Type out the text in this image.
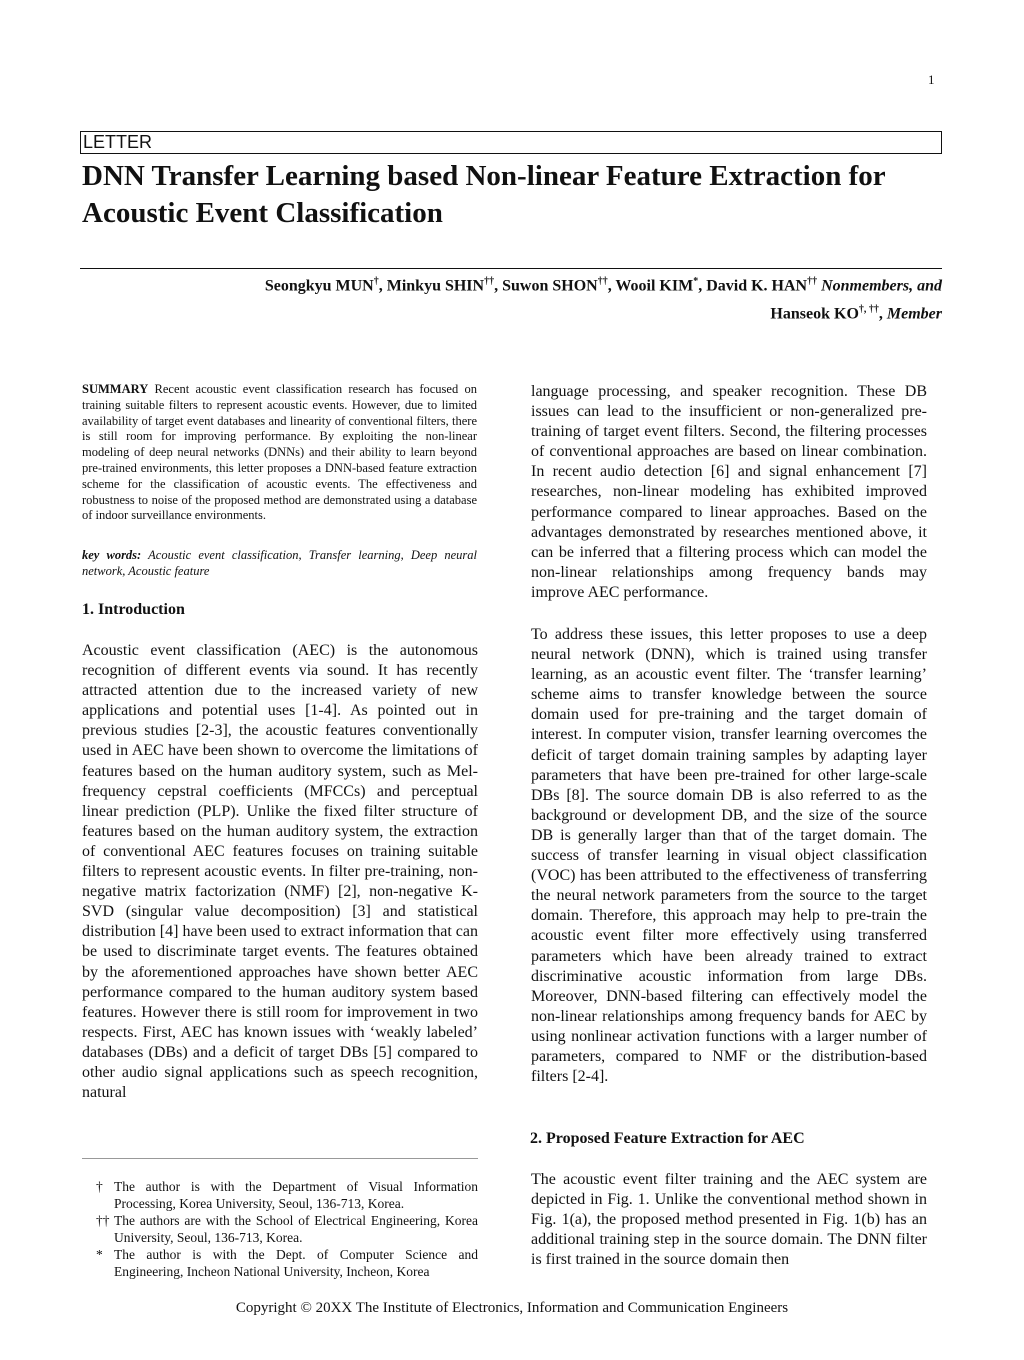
1
LETTER
DNN Transfer Learning based Non-linear Feature Extraction for
Acoustic Event Classification
Seongkyu MUN†, Minkyu SHIN††, Suwon SHON††, Wooil KIM*, David K. HAN†† Nonmembers, and
Hanseok KO†, ††, Member

SUMMARY Recent acoustic event classification research has focused on training suitable filters to represent acoustic events. However, due to limited availability of target event databases and linearity of conventional filters, there is still room for improving performance. By exploiting the non-linear modeling of deep neural networks (DNNs) and their ability to learn beyond pre-trained environments, this letter proposes a DNN-based feature extraction scheme for the classification of acoustic events. The effectiveness and robustness to noise of the proposed method are demonstrated using a database of indoor surveillance environments.

key words: Acoustic event classification, Transfer learning, Deep neural network, Acoustic feature

1. Introduction

Acoustic event classification (AEC) is the autonomous recognition of different events via sound. It has recently attracted attention due to the increased variety of new applications and potential uses [1-4]. As pointed out in previous studies [2-3], the acoustic features conventionally used in AEC have been shown to overcome the limitations of features based on the human auditory system, such as Mel-frequency cepstral coefficients (MFCCs) and perceptual linear prediction (PLP). Unlike the fixed filter structure of features based on the human auditory system, the extraction of conventional AEC features focuses on training suitable filters to represent acoustic events. In filter pre-training, non-negative matrix factorization (NMF) [2], non-negative K-SVD (singular value decomposition) [3] and statistical distribution [4] have been used to extract information that can be used to discriminate target events. The features obtained by the aforementioned approaches have shown better AEC performance compared to the human auditory system based features. However there is still room for improvement in two respects. First, AEC has known issues with ‘weakly labeled’ databases (DBs) and a deficit of target DBs [5] compared to other audio signal applications such as speech recognition, natural

† The author is with the Department of Visual Information Processing, Korea University, Seoul, 136-713, Korea.
†† The authors are with the School of Electrical Engineering, Korea University, Seoul, 136-713, Korea.
* The author is with the Dept. of Computer Science and Engineering, Incheon National University, Incheon, Korea

language processing, and speaker recognition. These DB issues can lead to the insufficient or non-generalized pre-training of target event filters. Second, the filtering processes of conventional approaches are based on linear combination. In recent audio detection [6] and signal enhancement [7] researches, non-linear modeling has exhibited improved performance compared to linear approaches. Based on the advantages demonstrated by researches mentioned above, it can be inferred that a filtering process which can model the non-linear relationships among frequency bands may improve AEC performance.

To address these issues, this letter proposes to use a deep neural network (DNN), which is trained using transfer learning, as an acoustic event filter. The ‘transfer learning’ scheme aims to transfer knowledge between the source domain used for pre-training and the target domain of interest. In computer vision, transfer learning overcomes the deficit of target domain training samples by adapting layer parameters that have been pre-trained for other large-scale DBs [8]. The source domain DB is also referred to as the background or development DB, and the size of the source DB is generally larger than that of the target domain. The success of transfer learning in visual object classification (VOC) has been attributed to the effectiveness of transferring the neural network parameters from the source to the target domain. Therefore, this approach may help to pre-train the acoustic event filter more effectively using transferred parameters which have been already trained to extract discriminative acoustic information from large DBs. Moreover, DNN-based filtering can effectively model the non-linear relationships among frequency bands for AEC by using nonlinear activation functions with a larger number of parameters, compared to NMF or the distribution-based filters [2-4].

2. Proposed Feature Extraction for AEC

The acoustic event filter training and the AEC system are depicted in Fig. 1. Unlike the conventional method shown in Fig. 1(a), the proposed method presented in Fig. 1(b) has an additional training step in the source domain. The DNN filter is first trained in the source domain then

Copyright © 20XX The Institute of Electronics, Information and Communication Engineers
